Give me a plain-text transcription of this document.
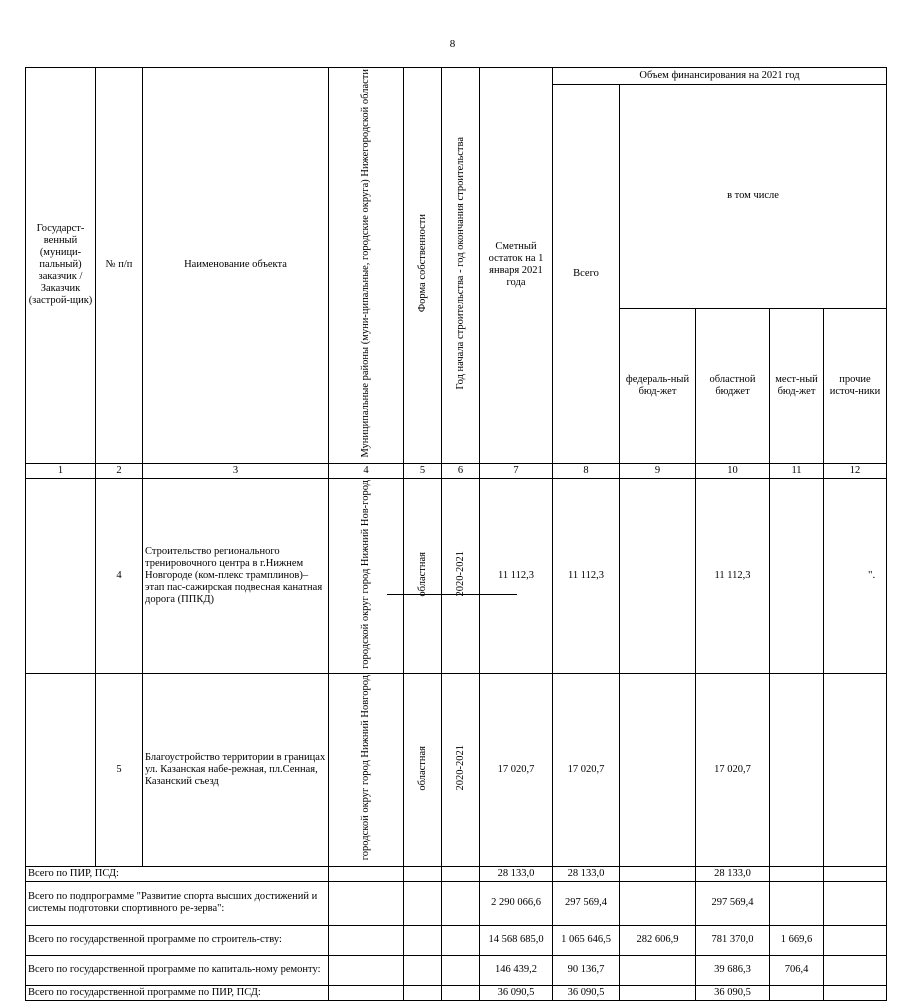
8
Государст-венный (муници-пальный) заказчик / Заказчик (застрой-щик)	№ п/п	Наименование объекта	Муниципальные районы (муни-ципальные, городские округа) Нижегородской области	Форма собственности	Год начала строительства - год окончания строительства	Сметный остаток на 1 января 2021 года	Объем финансирования на 2021 год				
							Всего	в том числе			
								федераль-ный бюд-жет	областной бюджет	мест-ный бюд-жет	прочие источ-ники
1	2	3	4	5	6	7	8	9	10	11	12
	4	Строительство регионального тренировочного центра в г.Нижнем Новгороде (ком-плекс трамплинов)–этап пас-сажирская подвесная канатная дорога (ППКД)	городской округ город Нижний Нов-город	областная	2020-2021	11 112,3	11 112,3		11 112,3		
	5	Благоустройство территории в границах ул. Казанская набе-режная, пл.Сенная, Казанский съезд	городской округ город Нижний Новгород	областная	2020-2021	17 020,7	17 020,7		17 020,7		
Всего по ПИР, ПСД:						28 133,0	28 133,0		28 133,0		
Всего по подпрограмме "Развитие спорта высших достижений и системы подготовки спортивного ре-зерва":						2 290 066,6	297 569,4		297 569,4		
Всего по государственной программе по строитель-ству:						14 568 685,0	1 065 646,5	282 606,9	781 370,0	1 669,6	
Всего по государственной программе по капиталь-ному ремонту:						146 439,2	90 136,7		39 686,3	706,4	
Всего по государственной программе по ПИР, ПСД:						36 090,5	36 090,5		36 090,5		
".
